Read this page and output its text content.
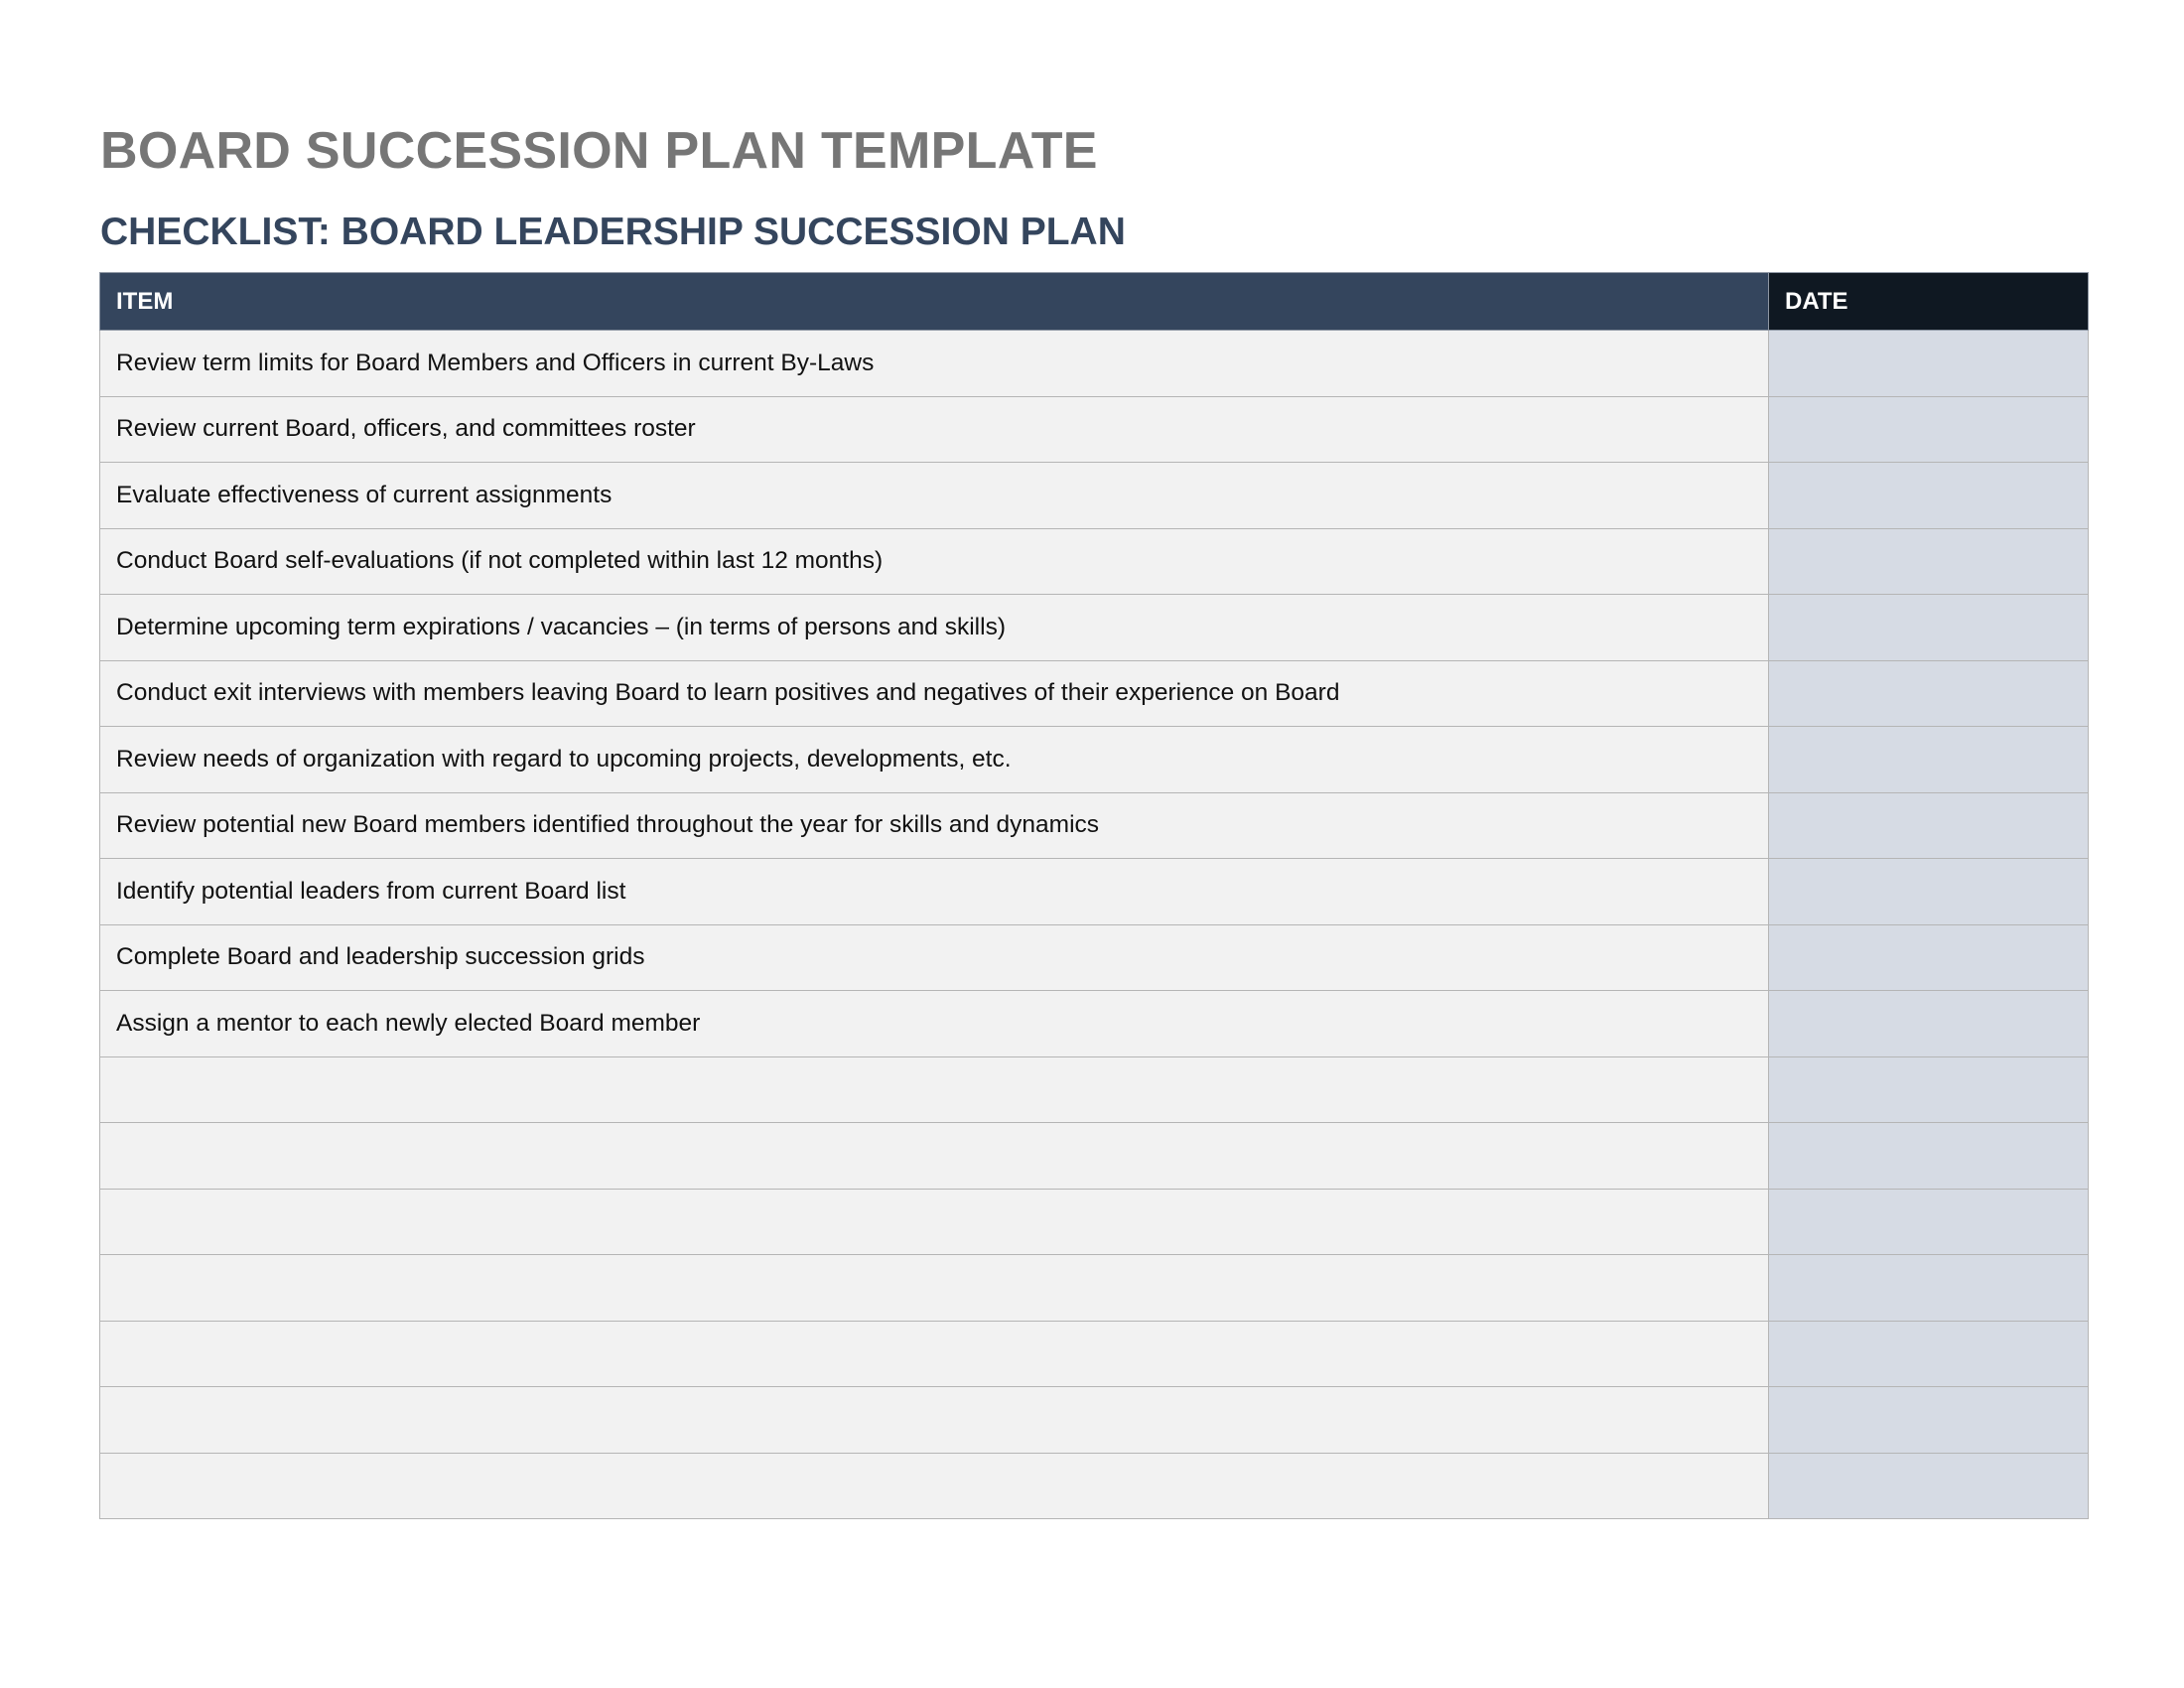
BOARD SUCCESSION PLAN TEMPLATE
CHECKLIST: BOARD LEADERSHIP SUCCESSION PLAN
ITEM	DATE
Review term limits for Board Members and Officers in current By-Laws	
Review current Board, officers, and committees roster	
Evaluate effectiveness of current assignments	
Conduct Board self-evaluations (if not completed within last 12 months)	
Determine upcoming term expirations / vacancies – (in terms of persons and skills)	
Conduct exit interviews with members leaving Board to learn positives and negatives of their experience on Board	
Review needs of organization with regard to upcoming projects, developments, etc.	
Review potential new Board members identified throughout the year for skills and dynamics	
Identify potential leaders from current Board list	
Complete Board and leadership succession grids	
Assign a mentor to each newly elected Board member	
